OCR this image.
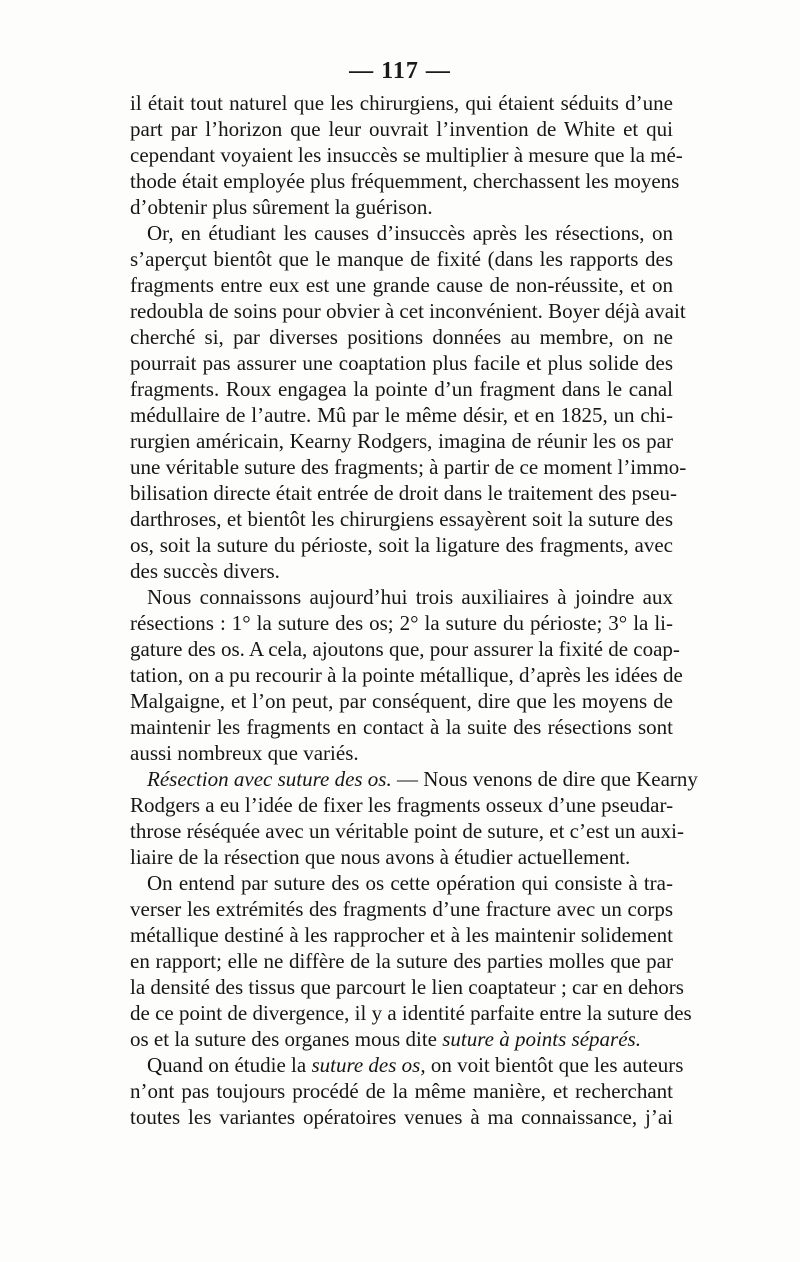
— 117 —
il était tout naturel que les chirurgiens, qui étaient séduits d’une
part par l’horizon que leur ouvrait l’invention de White et qui
cependant voyaient les insuccès se multiplier à mesure que la mé-
thode était employée plus fréquemment, cherchassent les moyens
d’obtenir plus sûrement la guérison.
Or, en étudiant les causes d’insuccès après les résections, on
s’aperçut bientôt que le manque de fixité (dans les rapports des
fragments entre eux est une grande cause de non-réussite, et on
redoubla de soins pour obvier à cet inconvénient. Boyer déjà avait
cherché si, par diverses positions données au membre, on ne
pourrait pas assurer une coaptation plus facile et plus solide des
fragments. Roux engagea la pointe d’un fragment dans le canal
médullaire de l’autre. Mû par le même désir, et en 1825, un chi-
rurgien américain, Kearny Rodgers, imagina de réunir les os par
une véritable suture des fragments; à partir de ce moment l’immo-
bilisation directe était entrée de droit dans le traitement des pseu-
darthroses, et bientôt les chirurgiens essayèrent soit la suture des
os, soit la suture du périoste, soit la ligature des fragments, avec
des succès divers.
Nous connaissons aujourd’hui trois auxiliaires à joindre aux
résections : 1° la suture des os; 2° la suture du périoste; 3° la li-
gature des os. A cela, ajoutons que, pour assurer la fixité de coap-
tation, on a pu recourir à la pointe métallique, d’après les idées de
Malgaigne, et l’on peut, par conséquent, dire que les moyens de
maintenir les fragments en contact à la suite des résections sont
aussi nombreux que variés.
Résection avec suture des os. — Nous venons de dire que Kearny
Rodgers a eu l’idée de fixer les fragments osseux d’une pseudar-
throse réséquée avec un véritable point de suture, et c’est un auxi-
liaire de la résection que nous avons à étudier actuellement.
On entend par suture des os cette opération qui consiste à tra-
verser les extrémités des fragments d’une fracture avec un corps
métallique destiné à les rapprocher et à les maintenir solidement
en rapport; elle ne diffère de la suture des parties molles que par
la densité des tissus que parcourt le lien coaptateur ; car en dehors
de ce point de divergence, il y a identité parfaite entre la suture des
os et la suture des organes mous dite suture à points séparés.
Quand on étudie la suture des os, on voit bientôt que les auteurs
n’ont pas toujours procédé de la même manière, et recherchant
toutes les variantes opératoires venues à ma connaissance, j’ai
